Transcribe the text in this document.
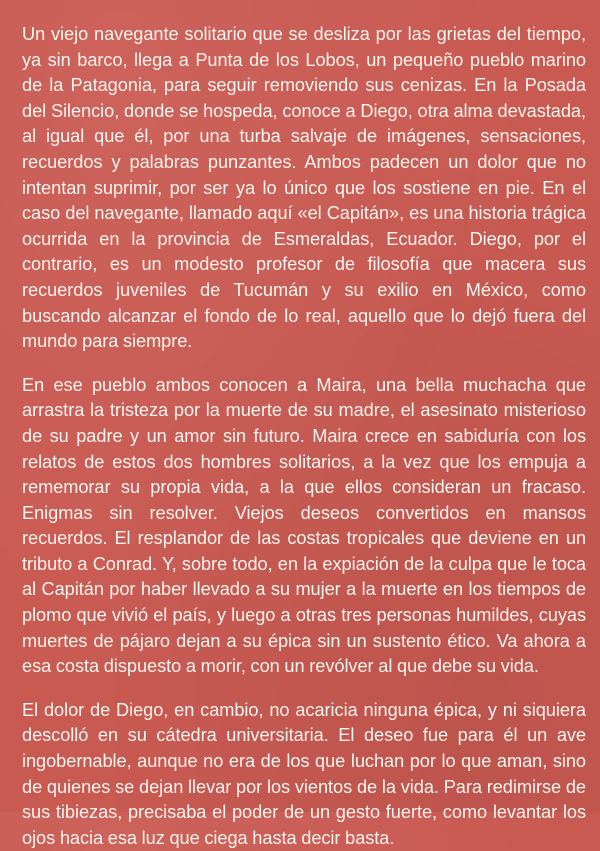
Un viejo navegante solitario que se desliza por las grietas del tiempo, ya sin barco, llega a Punta de los Lobos, un pequeño pueblo marino de la Patagonia, para seguir removiendo sus cenizas. En la Posada del Silencio, donde se hospeda, conoce a Diego, otra alma devastada, al igual que él, por una turba salvaje de imágenes, sensaciones, recuerdos y palabras punzantes. Ambos padecen un dolor que no intentan suprimir, por ser ya lo único que los sostiene en pie. En el caso del navegante, llamado aquí «el Capitán», es una historia trágica ocurrida en la provincia de Esmeraldas, Ecuador. Diego, por el contrario, es un modesto profesor de filosofía que macera sus recuerdos juveniles de Tucumán y su exilio en México, como buscando alcanzar el fondo de lo real, aquello que lo dejó fuera del mundo para siempre.

En ese pueblo ambos conocen a Maira, una bella muchacha que arrastra la tristeza por la muerte de su madre, el asesinato misterioso de su padre y un amor sin futuro. Maira crece en sabiduría con los relatos de estos dos hombres solitarios, a la vez que los empuja a rememorar su propia vida, a la que ellos consideran un fracaso. Enigmas sin resolver. Viejos deseos convertidos en mansos recuerdos. El resplandor de las costas tropicales que deviene en un tributo a Conrad. Y, sobre todo, en la expiación de la culpa que le toca al Capitán por haber llevado a su mujer a la muerte en los tiempos de plomo que vivió el país, y luego a otras tres personas humildes, cuyas muertes de pájaro dejan a su épica sin un sustento ético. Va ahora a esa costa dispuesto a morir, con un revólver al que debe su vida.

El dolor de Diego, en cambio, no acaricia ninguna épica, y ni siquiera descolló en su cátedra universitaria. El deseo fue para él un ave ingobernable, aunque no era de los que luchan por lo que aman, sino de quienes se dejan llevar por los vientos de la vida. Para redimirse de sus tibiezas, precisaba el poder de un gesto fuerte, como levantar los ojos hacia esa luz que ciega hasta decir basta.
